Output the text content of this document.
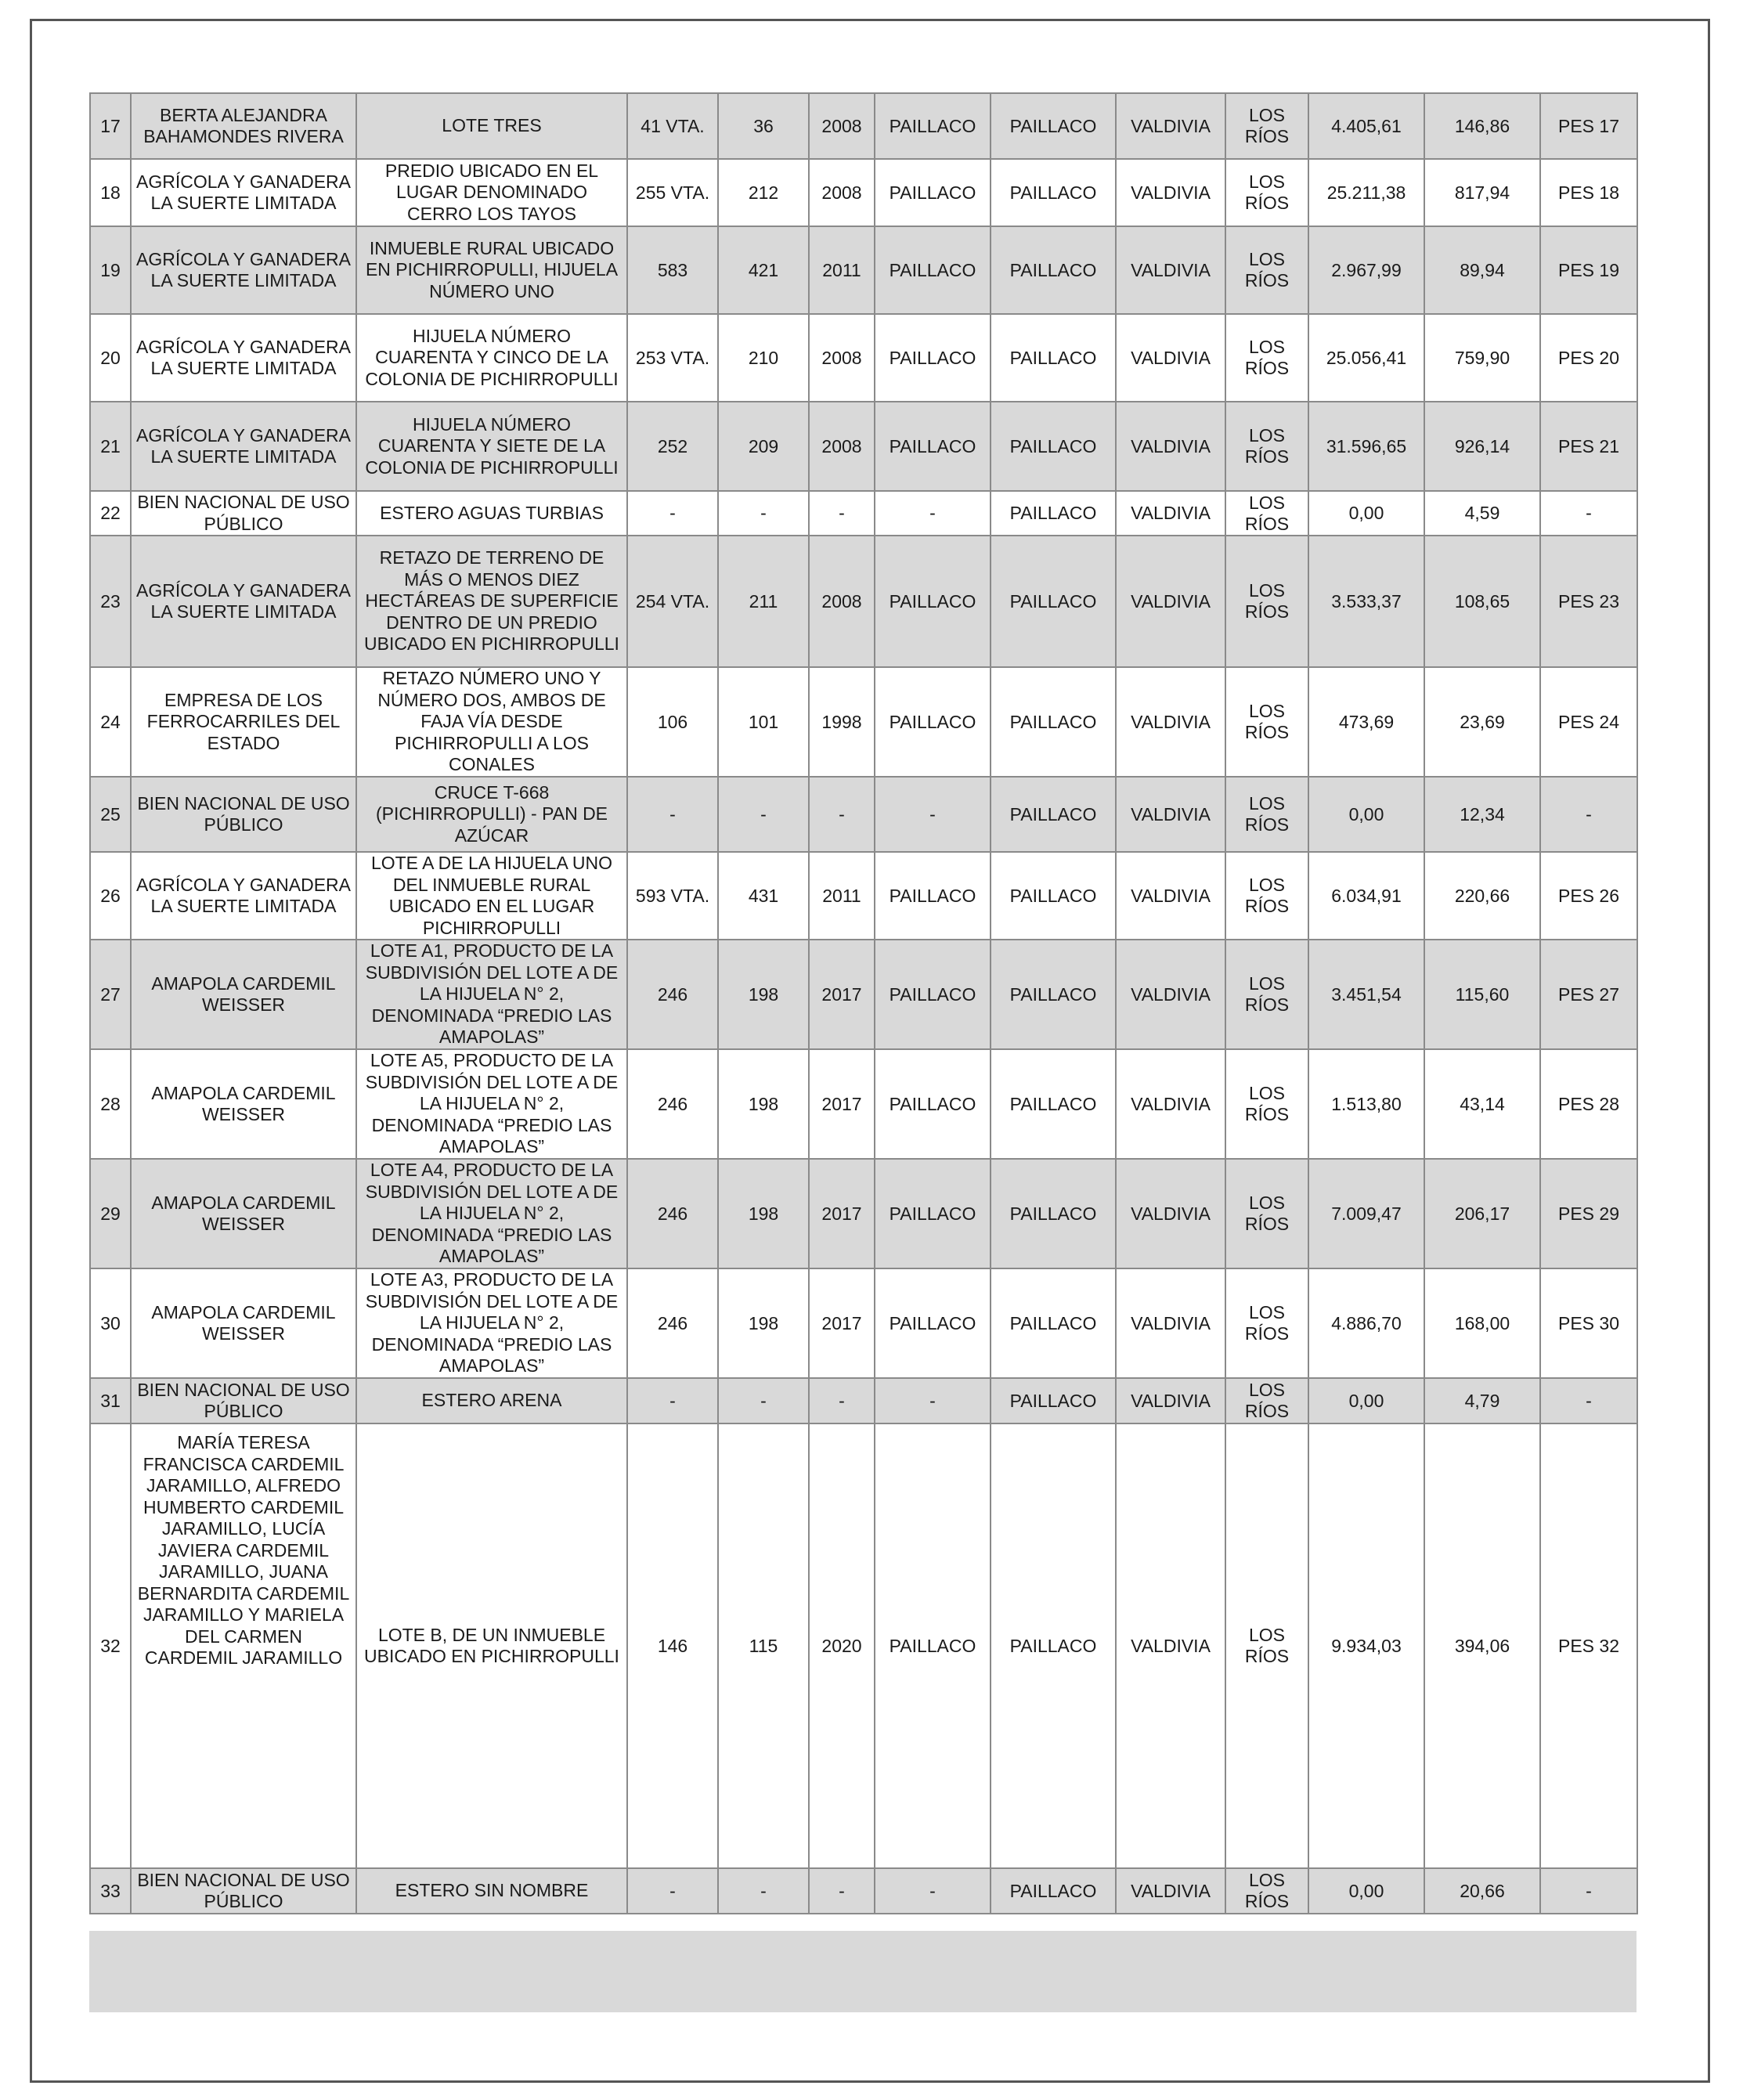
17	BERTA ALEJANDRA BAHAMONDES RIVERA	LOTE TRES	41 VTA.	36	2008	PAILLACO	PAILLACO	VALDIVIA	LOS RÍOS	4.405,61	146,86	PES 17
18	AGRÍCOLA Y GANADERA LA SUERTE LIMITADA	PREDIO UBICADO EN EL LUGAR DENOMINADO CERRO LOS TAYOS	255 VTA.	212	2008	PAILLACO	PAILLACO	VALDIVIA	LOS RÍOS	25.211,38	817,94	PES 18
19	AGRÍCOLA Y GANADERA LA SUERTE LIMITADA	INMUEBLE RURAL UBICADO EN PICHIRROPULLI, HIJUELA NÚMERO UNO	583	421	2011	PAILLACO	PAILLACO	VALDIVIA	LOS RÍOS	2.967,99	89,94	PES 19
20	AGRÍCOLA Y GANADERA LA SUERTE LIMITADA	HIJUELA NÚMERO CUARENTA Y CINCO DE LA COLONIA DE PICHIRROPULLI	253 VTA.	210	2008	PAILLACO	PAILLACO	VALDIVIA	LOS RÍOS	25.056,41	759,90	PES 20
21	AGRÍCOLA Y GANADERA LA SUERTE LIMITADA	HIJUELA NÚMERO CUARENTA Y SIETE DE LA COLONIA DE PICHIRROPULLI	252	209	2008	PAILLACO	PAILLACO	VALDIVIA	LOS RÍOS	31.596,65	926,14	PES 21
22	BIEN NACIONAL DE USO PÚBLICO	ESTERO AGUAS TURBIAS	-	-	-	-	PAILLACO	VALDIVIA	LOS RÍOS	0,00	4,59	-
23	AGRÍCOLA Y GANADERA LA SUERTE LIMITADA	RETAZO DE TERRENO DE MÁS O MENOS DIEZ HECTÁREAS DE SUPERFICIE DENTRO DE UN PREDIO UBICADO EN PICHIRROPULLI	254 VTA.	211	2008	PAILLACO	PAILLACO	VALDIVIA	LOS RÍOS	3.533,37	108,65	PES 23
24	EMPRESA DE LOS FERROCARRILES DEL ESTADO	RETAZO NÚMERO UNO Y NÚMERO DOS, AMBOS DE FAJA VÍA DESDE PICHIRROPULLI A LOS CONALES	106	101	1998	PAILLACO	PAILLACO	VALDIVIA	LOS RÍOS	473,69	23,69	PES 24
25	BIEN NACIONAL DE USO PÚBLICO	CRUCE T-668 (PICHIRROPULLI) - PAN DE AZÚCAR	-	-	-	-	PAILLACO	VALDIVIA	LOS RÍOS	0,00	12,34	-
26	AGRÍCOLA Y GANADERA LA SUERTE LIMITADA	LOTE A DE LA HIJUELA UNO DEL INMUEBLE RURAL UBICADO EN EL LUGAR PICHIRROPULLI	593 VTA.	431	2011	PAILLACO	PAILLACO	VALDIVIA	LOS RÍOS	6.034,91	220,66	PES 26
27	AMAPOLA CARDEMIL WEISSER	LOTE A1, PRODUCTO DE LA SUBDIVISIÓN DEL LOTE A DE LA HIJUELA N° 2, DENOMINADA “PREDIO LAS AMAPOLAS”	246	198	2017	PAILLACO	PAILLACO	VALDIVIA	LOS RÍOS	3.451,54	115,60	PES 27
28	AMAPOLA CARDEMIL WEISSER	LOTE A5, PRODUCTO DE LA SUBDIVISIÓN DEL LOTE A DE LA HIJUELA N° 2, DENOMINADA “PREDIO LAS AMAPOLAS”	246	198	2017	PAILLACO	PAILLACO	VALDIVIA	LOS RÍOS	1.513,80	43,14	PES 28
29	AMAPOLA CARDEMIL WEISSER	LOTE A4, PRODUCTO DE LA SUBDIVISIÓN DEL LOTE A DE LA HIJUELA N° 2, DENOMINADA “PREDIO LAS AMAPOLAS”	246	198	2017	PAILLACO	PAILLACO	VALDIVIA	LOS RÍOS	7.009,47	206,17	PES 29
30	AMAPOLA CARDEMIL WEISSER	LOTE A3, PRODUCTO DE LA SUBDIVISIÓN DEL LOTE A DE LA HIJUELA N° 2, DENOMINADA “PREDIO LAS AMAPOLAS”	246	198	2017	PAILLACO	PAILLACO	VALDIVIA	LOS RÍOS	4.886,70	168,00	PES 30
31	BIEN NACIONAL DE USO PÚBLICO	ESTERO ARENA	-	-	-	-	PAILLACO	VALDIVIA	LOS RÍOS	0,00	4,79	-
32	MARÍA TERESA FRANCISCA CARDEMIL JARAMILLO, ALFREDO HUMBERTO CARDEMIL JARAMILLO, LUCÍA JAVIERA CARDEMIL JARAMILLO, JUANA BERNARDITA CARDEMIL JARAMILLO Y MARIELA DEL CARMEN CARDEMIL JARAMILLO	LOTE B, DE UN INMUEBLE UBICADO EN PICHIRROPULLI	146	115	2020	PAILLACO	PAILLACO	VALDIVIA	LOS RÍOS	9.934,03	394,06	PES 32
33	BIEN NACIONAL DE USO PÚBLICO	ESTERO SIN NOMBRE	-	-	-	-	PAILLACO	VALDIVIA	LOS RÍOS	0,00	20,66	-
